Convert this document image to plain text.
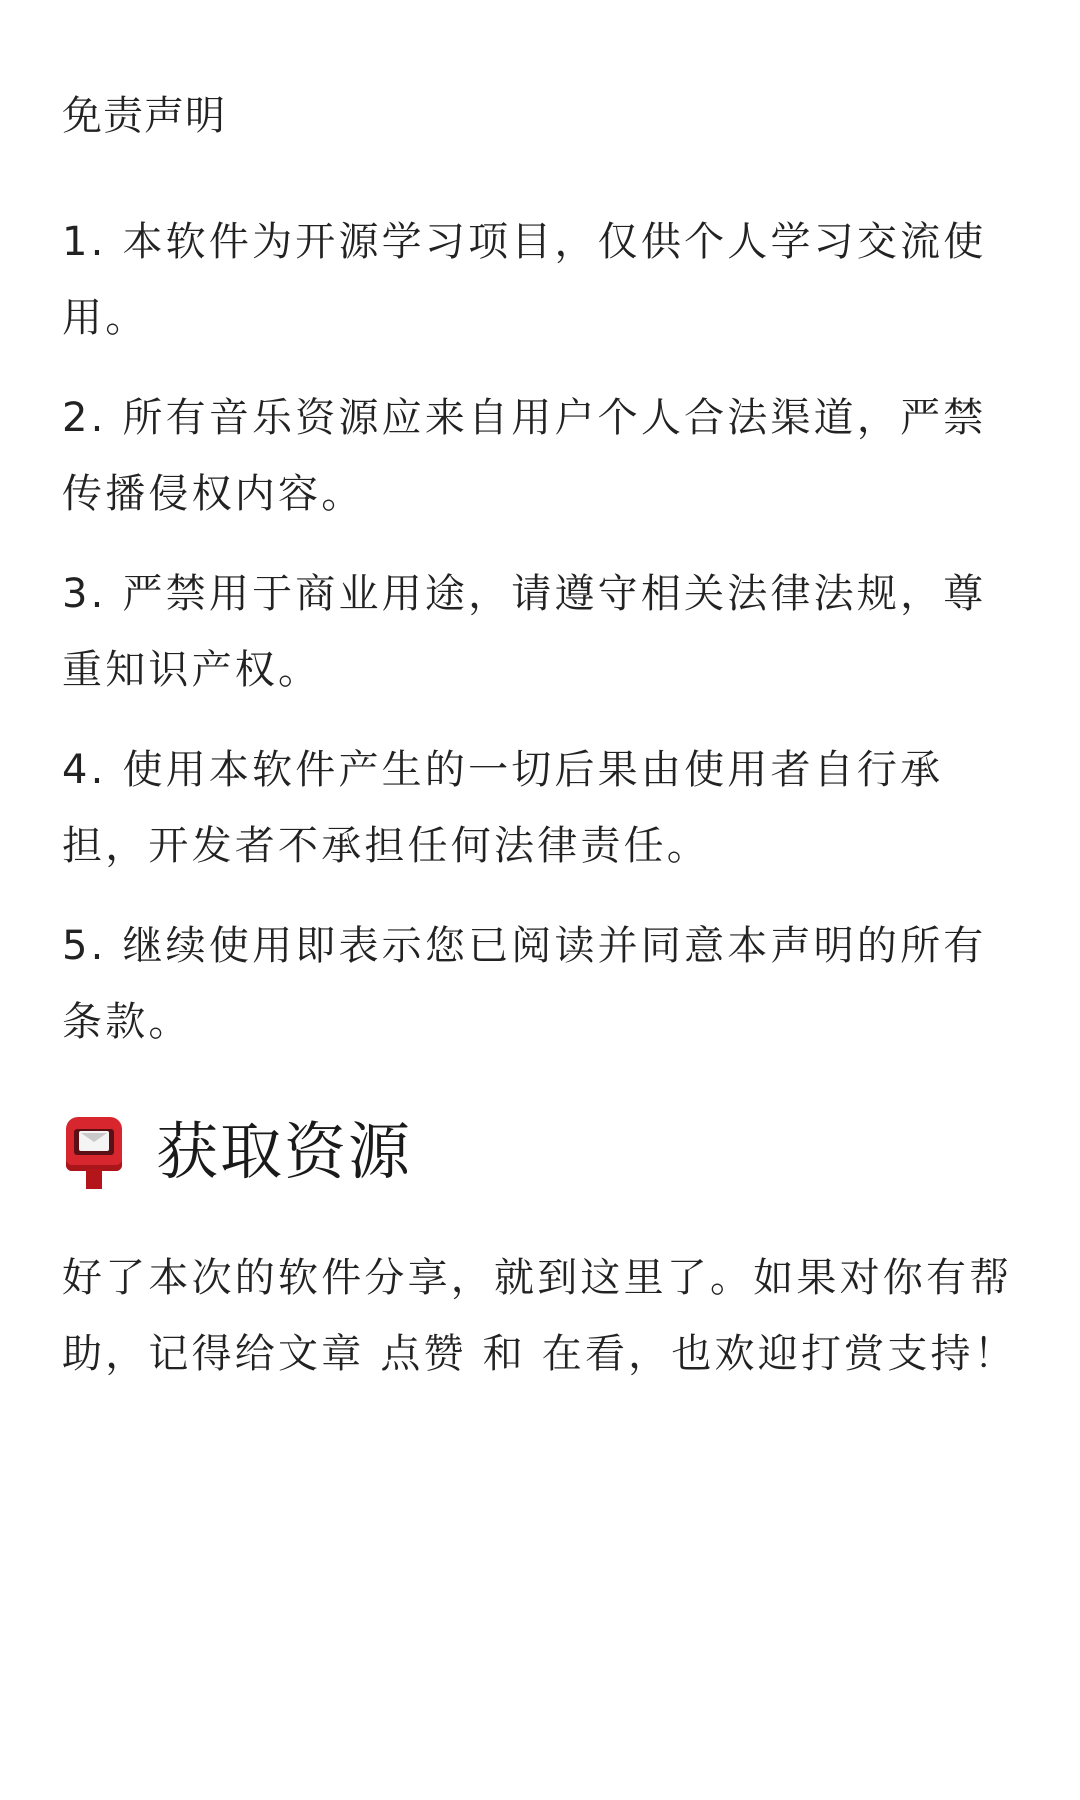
免责声明
1. 本软件为开源学习项目，仅供个人学习交流使用。
2. 所有音乐资源应来自用户个人合法渠道，严禁传播侵权内容。
3. 严禁用于商业用途，请遵守相关法律法规，尊重知识产权。
4. 使用本软件产生的一切后果由使用者自行承担，开发者不承担任何法律责任。
5. 继续使用即表示您已阅读并同意本声明的所有条款。
获取资源
好了本次的软件分享，就到这里了。如果对你有帮助，记得给文章 点赞 和 在看，也欢迎打赏支持！
